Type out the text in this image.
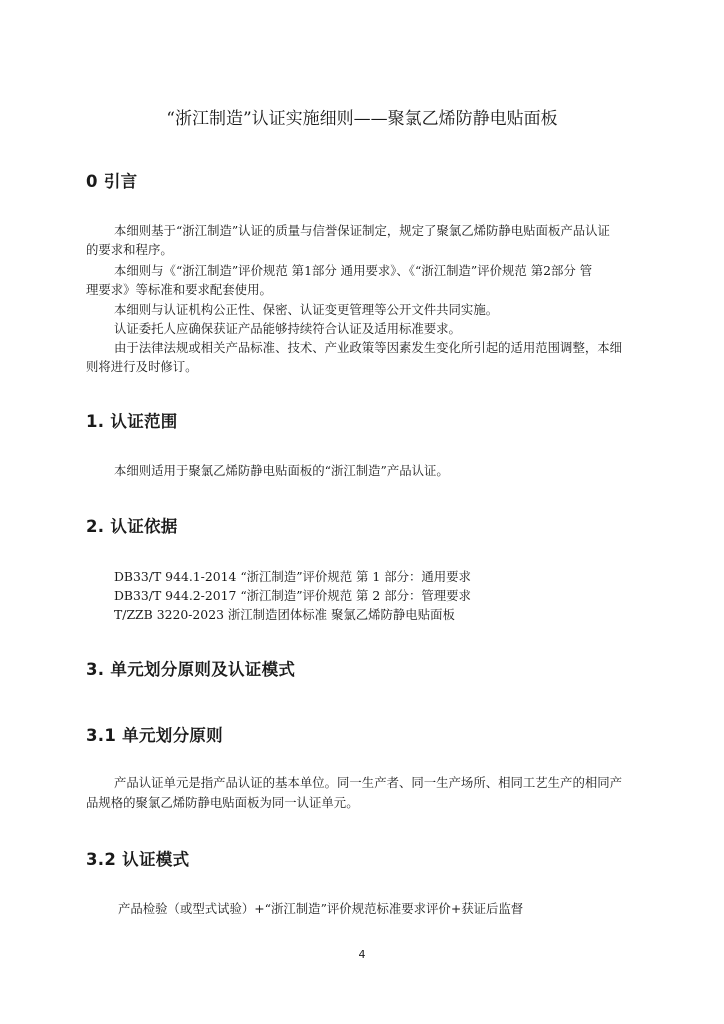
“浙江制造”认证实施细则——聚氯乙烯防静电贴面板
0 引言
本细则基于“浙江制造”认证的质量与信誉保证制定，规定了聚氯乙烯防静电贴面板产品认证
的要求和程序。
本细则与《“浙江制造”评价规范 第1部分 通用要求》、《“浙江制造”评价规范 第2部分 管
理要求》等标准和要求配套使用。
本细则与认证机构公正性、保密、认证变更管理等公开文件共同实施。
认证委托人应确保获证产品能够持续符合认证及适用标准要求。
由于法律法规或相关产品标准、技术、产业政策等因素发生变化所引起的适用范围调整，本细
则将进行及时修订。
1. 认证范围
本细则适用于聚氯乙烯防静电贴面板的“浙江制造”产品认证。
2. 认证依据
DB33/T 944.1-2014 “浙江制造”评价规范 第 1 部分：通用要求
DB33/T 944.2-2017 “浙江制造”评价规范 第 2 部分：管理要求
T/ZZB 3220-2023 浙江制造团体标准 聚氯乙烯防静电贴面板
3. 单元划分原则及认证模式
3.1 单元划分原则
产品认证单元是指产品认证的基本单位。同一生产者、同一生产场所、相同工艺生产的相同产
品规格的聚氯乙烯防静电贴面板为同一认证单元。
3.2 认证模式
产品检验（或型式试验）+“浙江制造”评价规范标准要求评价+获证后监督
4
